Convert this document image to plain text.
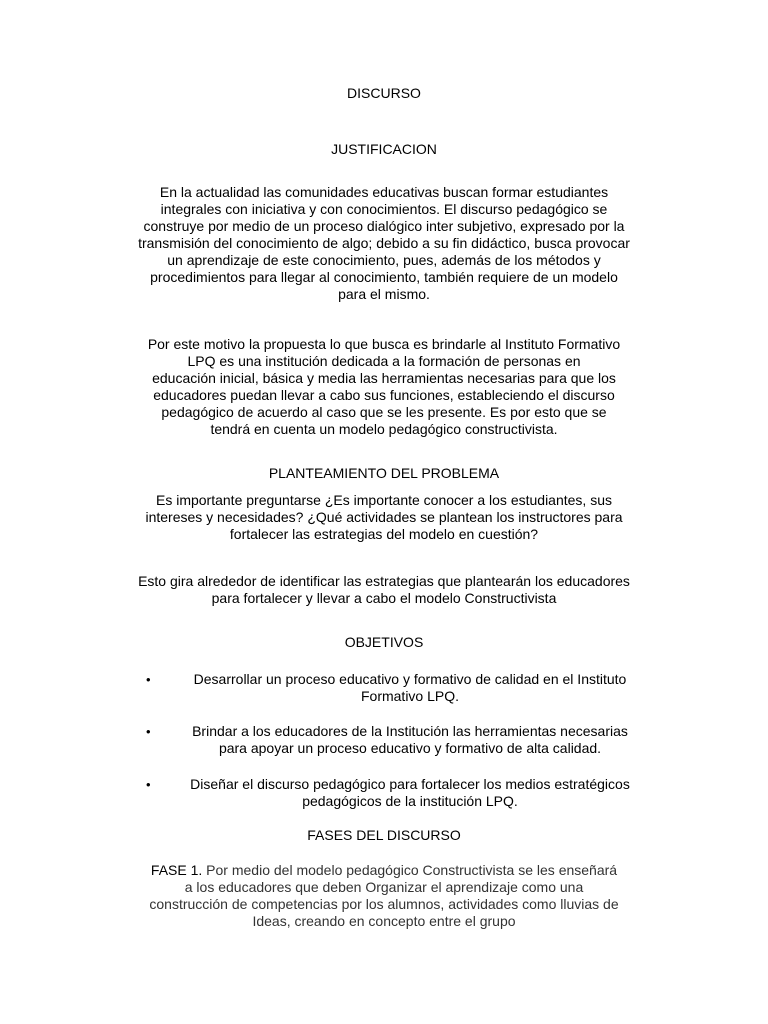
DISCURSO
JUSTIFICACION
En la actualidad las comunidades educativas buscan formar estudiantes
integrales con iniciativa y con conocimientos. El discurso pedagógico se
construye por medio de un proceso dialógico inter subjetivo, expresado por la
transmisión del conocimiento de algo; debido a su fin didáctico, busca provocar
un aprendizaje de este conocimiento, pues, además de los métodos y
procedimientos para llegar al conocimiento, también requiere de un modelo
para el mismo.
Por este motivo la propuesta lo que busca es brindarle al Instituto Formativo
LPQ es una institución dedicada a la formación de personas en
educación inicial, básica y media las herramientas necesarias para que los
educadores puedan llevar a cabo sus funciones, estableciendo el discurso
pedagógico de acuerdo al caso que se les presente. Es por esto que se
tendrá en cuenta un modelo pedagógico constructivista.
PLANTEAMIENTO DEL PROBLEMA
Es importante preguntarse ¿Es importante conocer a los estudiantes, sus
intereses y necesidades? ¿Qué actividades se plantean los instructores para
fortalecer las estrategias del modelo en cuestión?
Esto gira alrededor de identificar las estrategias que plantearán los educadores
para fortalecer y llevar a cabo el modelo Constructivista
OBJETIVOS
•	Desarrollar un proceso educativo y formativo de calidad en el Instituto
Formativo LPQ.
•	Brindar a los educadores de la Institución las herramientas necesarias
para apoyar un proceso educativo y formativo de alta calidad.
•	Diseñar el discurso pedagógico para fortalecer los medios estratégicos
pedagógicos de la institución LPQ.
FASES DEL DISCURSO
FASE 1. Por medio del modelo pedagógico Constructivista se les enseñará
a los educadores que deben Organizar el aprendizaje como una
construcción de competencias por los alumnos, actividades como lluvias de
Ideas, creando en concepto entre el grupo
